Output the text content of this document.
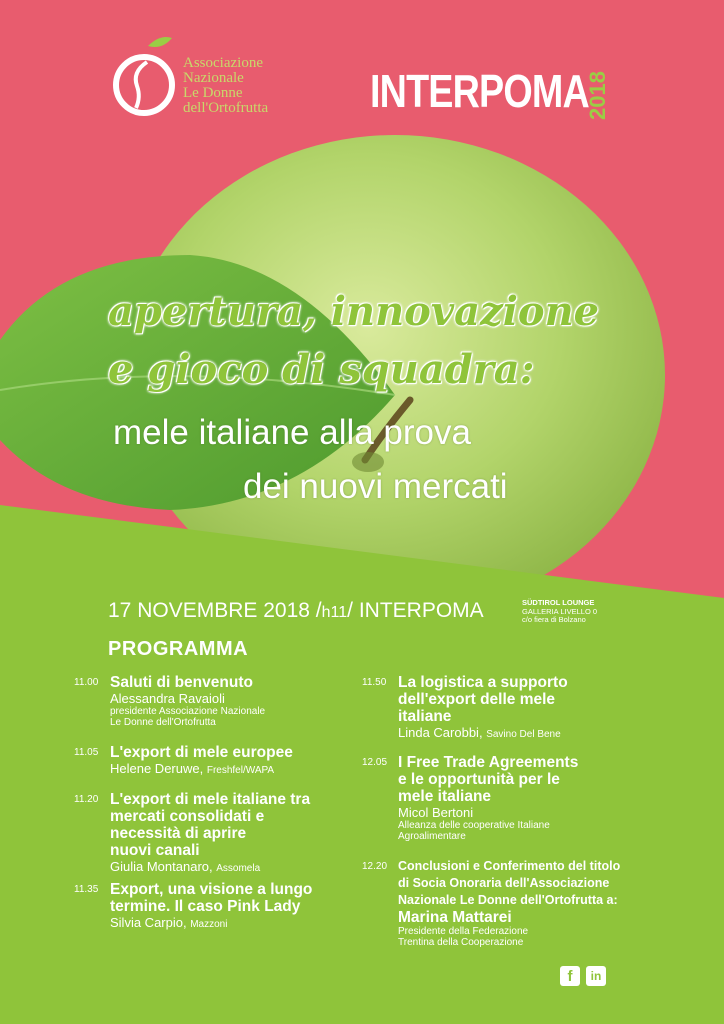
Associazione
Nazionale
Le Donne
dell'Ortofrutta INTERPOMA
2018
apertura, innovazione
e gioco di squadra:
mele italiane alla prova
dei nuovi mercati
17 NOVEMBRE 2018 /h11/ INTERPOMA	SÜDTIROL LOUNGE
GALLERIA LIVELLO 0
c/o fiera di Bolzano
PROGRAMMA
11.00 Saluti di benvenuto
Alessandra Ravaioli
presidente Associazione Nazionale
Le Donne dell'Ortofrutta
11.05 L'export di mele europee
Helene Deruwe, Freshfel/WAPA
11.20 L'export di mele italiane tra
mercati consolidati e
necessità di aprire
nuovi canali
Giulia Montanaro, Assomela
11.35 Export, una visione a lungo
termine. Il caso Pink Lady
Silvia Carpio, Mazzoni
11.50 La logistica a supporto
dell'export delle mele
italiane
Linda Carobbi, Savino Del Bene
12.05 I Free Trade Agreements
e le opportunità per le
mele italiane
Micol Bertoni
Alleanza delle cooperative Italiane
Agroalimentare
12.20 Conclusioni e Conferimento del titolo
di Socia Onoraria dell'Associazione
Nazionale Le Donne dell'Ortofrutta a:
Marina Mattarei
Presidente della Federazione
Trentina della Cooperazione
f	in
